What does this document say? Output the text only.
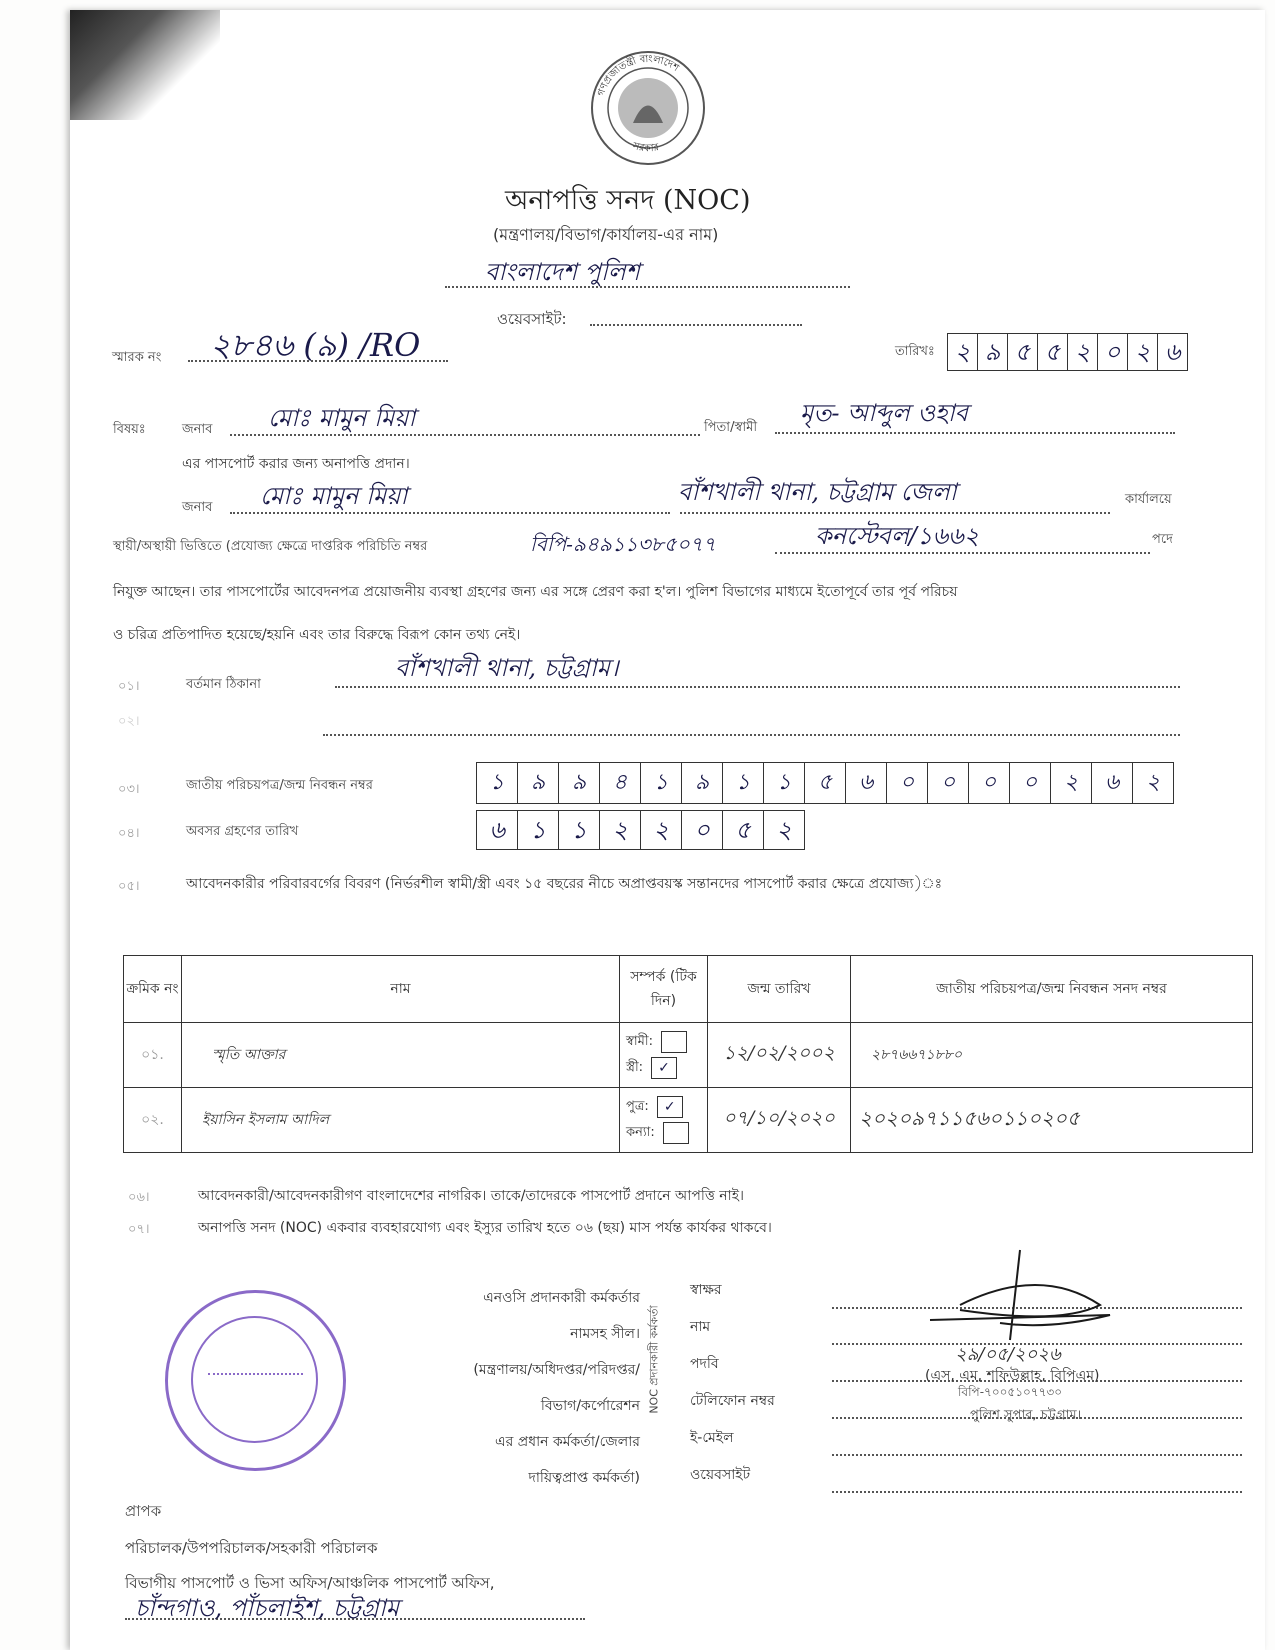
গণপ্রজাতন্ত্রী বাংলাদেশ
সরকার
অনাপত্তি সনদ (NOC)
(মন্ত্রণালয়/বিভাগ/কার্যালয়-এর নাম)
বাংলাদেশ পুলিশ
ওয়েবসাইট:
স্মারক নং ২৮৪৬ (৯) /RO	তারিখঃ ২ ৯ ৫ ৫ ২ ০ ২ ৬
বিষয়ঃ	জনাব মোঃ মামুন মিয়া	পিতা/স্বামী
মৃত- আব্দুল ওহাব
এর পাসপোর্ট করার জন্য অনাপত্তি প্রদান।
জনাব মোঃ মামুন মিয়া	বাঁশখালী থানা, চট্টগ্রাম জেলা	কার্যালয়ে
স্থায়ী/অস্থায়ী ভিত্তিতে (প্রযোজ্য ক্ষেত্রে দাপ্তরিক পরিচিতি নম্বর	বিপি-৯৪৯১১৩৮৫০৭৭	কনস্টেবল/১৬৬২	পদে
নিযুক্ত আছেন। তার পাসপোর্টের আবেদনপত্র প্রয়োজনীয় ব্যবস্থা গ্রহণের জন্য এর সঙ্গে প্রেরণ করা হ'ল। পুলিশ বিভাগের মাধ্যমে ইতোপূর্বে তার পূর্ব পরিচয়
ও চরিত্র প্রতিপাদিত হয়েছে/হয়নি এবং তার বিরুদ্ধে বিরূপ কোন তথ্য নেই।
০১।	বর্তমান ঠিকানা
বাঁশখালী থানা, চট্টগ্রাম।
০২।
০৩।	জাতীয় পরিচয়পত্র/জন্ম নিবন্ধন নম্বর	১	৯	৯	৪	১	৯	১	১	৫	৬	০	০	০	০	২	৬	২
০৪।	অবসর গ্রহণের তারিখ	৬	১	১	২	২	০	৫	২
০৫।	আবেদনকারীর পরিবারবর্গের বিবরণ (নির্ভরশীল স্বামী/স্ত্রী এবং ১৫ বছরের নীচে অপ্রাপ্তবয়স্ক সন্তানদের পাসপোর্ট করার ক্ষেত্রে প্রযোজ্য)ঃ
ক্রমিক নং	নাম	সম্পর্ক (টিক দিন)	জন্ম তারিখ	জাতীয় পরিচয়পত্র/জন্ম নিবন্ধন সনদ নম্বর
০১.	স্মৃতি আক্তার	স্বামী:
স্ত্রী: ✓	১২/০২/২০০২	২৮৭৬৬৭১৮৮০
০২.	ইয়াসিন ইসলাম আদিল	পুত্র: ✓
কন্যা:	০৭/১০/২০২০	২০২০৯৭১১৫৬০১১০২০৫
০৬।	আবেদনকারী/আবেদনকারীগণ বাংলাদেশের নাগরিক। তাকে/তাদেরকে পাসপোর্ট প্রদানে আপত্তি নাই।
০৭।	অনাপত্তি সনদ (NOC) একবার ব্যবহারযোগ্য এবং ইস্যুর তারিখ হতে ০৬ (ছয়) মাস পর্যন্ত কার্যকর থাকবে।
এনওসি প্রদানকারী কর্মকর্তার
নামসহ সীল।
(মন্ত্রণালয়/অধিদপ্তর/পরিদপ্তর/
বিভাগ/কর্পোরেশন
এর প্রধান কর্মকর্তা/জেলার
দায়িত্বপ্রাপ্ত কর্মকর্তা)
NOC প্রদানকারী কর্মকর্তা
স্বাক্ষর
নাম
পদবি
টেলিফোন নম্বর
ই-মেইল
ওয়েবসাইট
২৯/০৫/২০২৬
(এস, এম, শফিউল্লাহ, বিপিএম)
বিপি-৭০০৫১০৭৭৩০
পুলিশ সুপার, চট্টগ্রাম।
প্রাপক
পরিচালক/উপপরিচালক/সহকারী পরিচালক
বিভাগীয় পাসপোর্ট ও ভিসা অফিস/আঞ্চলিক পাসপোর্ট অফিস,
চাঁন্দগাও, পাঁচলাইশ, চট্টগ্রাম
